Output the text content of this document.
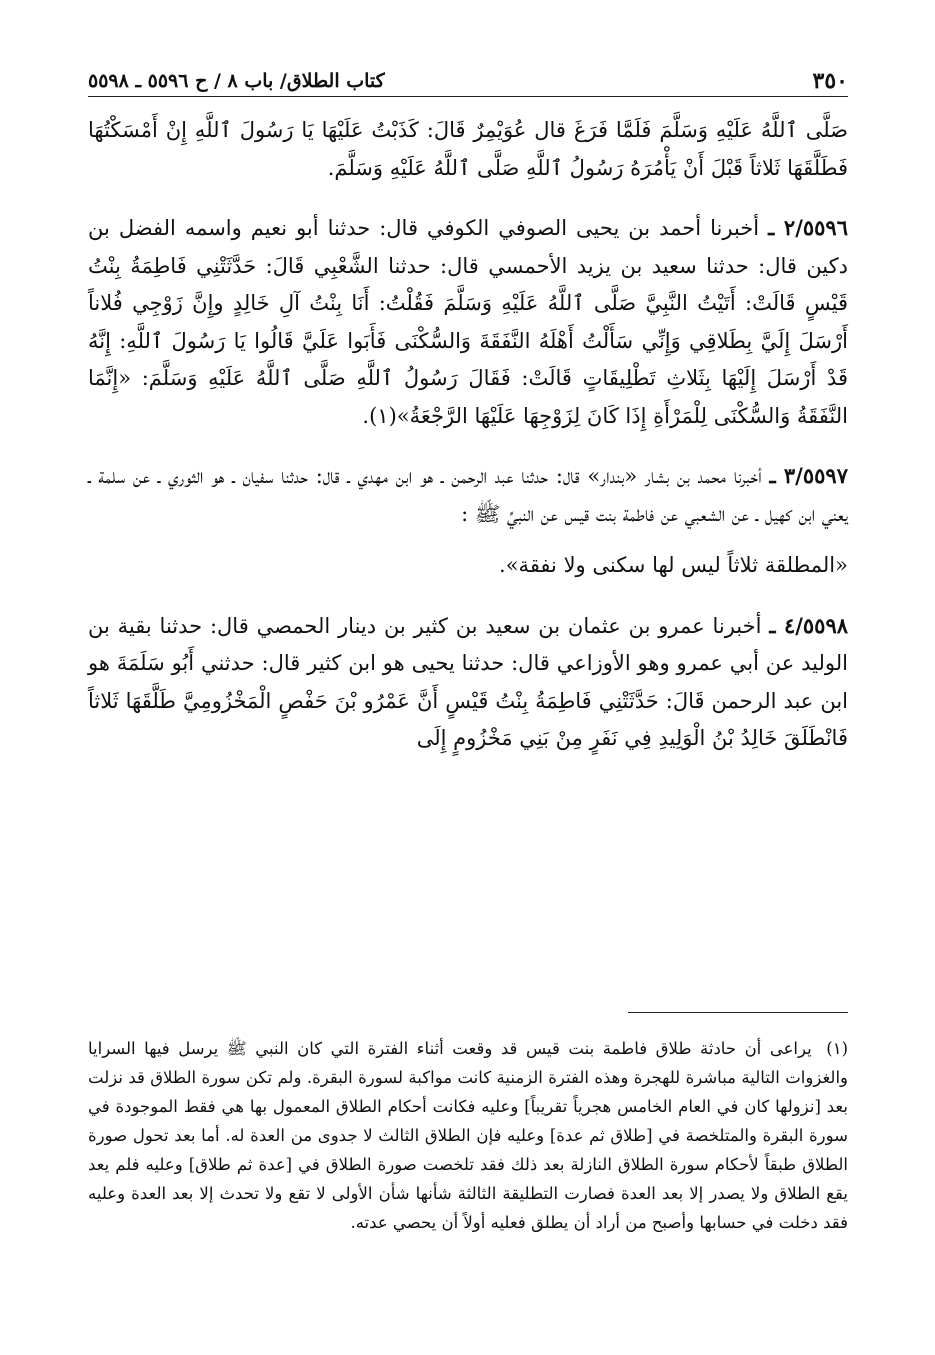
٣٥٠
كتاب الطلاق/ باب ٨ / ح ٥٥٩٦ ـ ٥٥٩٨

صَلَّى ٱللَّهُ عَلَيْهِ وَسَلَّمَ فَلَمَّا فَرَغَ قال عُوَيْمِرٌ قَالَ: كَذَبْتُ عَلَيْهَا يَا رَسُولَ ٱللَّهِ إِنْ أَمْسَكْتُهَا فَطَلَّقَهَا ثَلاثاً قَبْلَ أَنْ يَأْمُرَهُ رَسُولُ ٱللَّهِ صَلَّى ٱللَّهُ عَلَيْهِ وَسَلَّمَ.

٢/٥٥٩٦ ـ أخبرنا أحمد بن يحيى الصوفي الكوفي قال: حدثنا أبو نعيم واسمه الفضل بن دكين قال: حدثنا سعيد بن يزيد الأحمسي قال: حدثنا الشَّعْبِي قَالَ: حَدَّثَتْنِي فَاطِمَةُ بِنْتُ قَيْسٍ قَالَتْ: أَتَيْتُ النَّبِيَّ صَلَّى ٱللَّهُ عَلَيْهِ وَسَلَّمَ فَقُلْتُ: أَنَا بِنْتُ آلِ خَالِدٍ وإِنَّ زَوْجِي فُلاناً أَرْسَلَ إِلَيَّ بِطَلاقِي وَإِنِّي سَأَلْتُ أَهْلَهُ النَّفَقَةَ وَالسُّكْنَى فَأَبَوا عَلَيَّ قَالُوا يَا رَسُولَ ٱللَّهِ: إِنَّهُ قَدْ أَرْسَلَ إِلَيْهَا بِثَلاثِ تَطْلِيقَاتٍ قَالَتْ: فَقَالَ رَسُولُ ٱللَّهِ صَلَّى ٱللَّهُ عَلَيْهِ وَسَلَّمَ: «إِنَّمَا النَّفَقَةُ وَالسُّكْنَى لِلْمَرْأَةِ إِذَا كَانَ لِزَوْجِهَا عَلَيْهَا الرَّجْعَةُ»(١).

٣/٥٥٩٧ ـ أخبرنا محمد بن بشار «بندار» قال: حدثنا عبد الرحمن ـ هو ابن مهدي ـ قال: حدثنا سفيان ـ هو الثوري ـ عن سلمة ـ يعني ابن كهيل ـ عن الشعبي عن فاطمة بنت قيس عن النبيِّ ﷺ :

«المطلقة ثلاثاً ليس لها سكنى ولا نفقة».

٤/٥٥٩٨ ـ أخبرنا عمرو بن عثمان بن سعيد بن كثير بن دينار الحمصي قال: حدثنا بقية بن الوليد عن أبي عمرو وهو الأوزاعي قال: حدثنا يحيى هو ابن كثير قال: حدثني أَبُو سَلَمَةَ هو ابن عبد الرحمن قَالَ: حَدَّثَتْنِي فَاطِمَةُ بِنْتُ قَيْسٍ أَنَّ عَمْرُو بْنَ حَفْصٍ الْمَخْزُومِيَّ طَلَّقَهَا ثَلاثاً فَانْطَلَقَ خَالِدُ بْنُ الْوَلِيدِ فِي نَفَرٍ مِنْ بَنِي مَخْزُومٍ إِلَى

(١) يراعى أن حادثة طلاق فاطمة بنت قيس قد وقعت أثناء الفترة التي كان النبي ﷺ يرسل فيها السرايا والغزوات التالية مباشرة للهجرة وهذه الفترة الزمنية كانت مواكبة لسورة البقرة. ولم تكن سورة الطلاق قد نزلت بعد [نزولها كان في العام الخامس هجرياً تقريباً] وعليه فكانت أحكام الطلاق المعمول بها هي فقط الموجودة في سورة البقرة والمتلخصة في [طلاق ثم عدة] وعليه فإن الطلاق الثالث لا جدوى من العدة له. أما بعد تحول صورة الطلاق طبقاً لأحكام سورة الطلاق النازلة بعد ذلك فقد تلخصت صورة الطلاق في [عدة ثم طلاق] وعليه فلم يعد يقع الطلاق ولا يصدر إلا بعد العدة فصارت التطليقة الثالثة شأنها شأن الأولى لا تقع ولا تحدث إلا بعد العدة وعليه فقد دخلت في حسابها وأصبح من أراد أن يطلق فعليه أولاً أن يحصي عدته.
